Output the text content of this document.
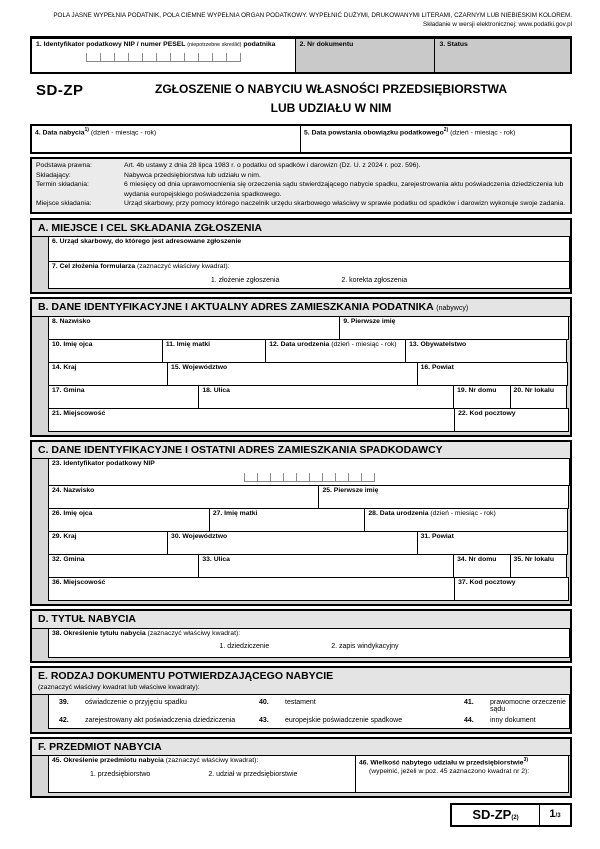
POLA JASNE WYPEŁNIA PODATNIK, POLA CIEMNE WYPEŁNIA ORGAN PODATKOWY. WYPEŁNIĆ DUŻYMI, DRUKOWANYMI LITERAMI, CZARNYM LUB NIEBIESKIM KOLOREM.
Składanie w wersji elektronicznej: www.podatki.gov.pl
1. Identyfikator podatkowy NIP / numer PESEL (niepotrzebne skreślić) podatnika	2. Nr dokumentu	3. Status
SD-ZP	ZGŁOSZENIE O NABYCIU WŁASNOŚCI PRZEDSIĘBIORSTWA
LUB UDZIAŁU W NIM
4. Data nabycia$^{1)}$ (dzień - miesiąc - rok)	5. Data powstania obowiązku podatkowego$^{2)}$ (dzień - miesiąc - rok)
Podstawa prawna:	Art. 4b ustawy z dnia 28 lipca 1983 r. o podatku od spadków i darowizn (Dz. U. z 2024 r. poz. 596).
Składający:	Nabywca przedsiębiorstwa lub udziału w nim.
Termin składania:	6 miesięcy od dnia uprawomocnienia się orzeczenia sądu stwierdzającego nabycie spadku, zarejestrowania aktu poświadczenia dziedziczenia lub wydania europejskiego poświadczenia spadkowego.
Miejsce składania:	Urząd skarbowy, przy pomocy którego naczelnik urzędu skarbowego właściwy w sprawie podatku od spadków i darowizn wykonuje swoje zadania.
A. MIEJSCE I CEL SKŁADANIA ZGŁOSZENIA
6. Urząd skarbowy, do którego jest adresowane zgłoszenie
7. Cel złożenia formularza (zaznaczyć właściwy kwadrat):
1. złożenie zgłoszenia	2. korekta zgłoszenia
B. DANE IDENTYFIKACYJNE I AKTUALNY ADRES ZAMIESZKANIA PODATNIKA (nabywcy)
8. Nazwisko	9. Pierwsze imię
10. Imię ojca	11. Imię matki	12. Data urodzenia (dzień - miesiąc - rok)	13. Obywatelstwo
14. Kraj	15. Województwo	16. Powiat
17. Gmina	18. Ulica	19. Nr domu	20. Nr lokalu
21. Miejscowość	22. Kod pocztowy
C. DANE IDENTYFIKACYJNE I OSTATNI ADRES ZAMIESZKANIA SPADKODAWCY
23. Identyfikator podatkowy NIP
24. Nazwisko	25. Pierwsze imię
26. Imię ojca	27. Imię matki	28. Data urodzenia (dzień - miesiąc - rok)
29. Kraj	30. Województwo	31. Powiat
32. Gmina	33. Ulica	34. Nr domu	35. Nr lokalu
36. Miejscowość	37. Kod pocztowy
D. TYTUŁ NABYCIA
38. Określenie tytułu nabycia (zaznaczyć właściwy kwadrat):
1. dziedziczenie	2. zapis windykacyjny
E. RODZAJ DOKUMENTU POTWIERDZAJĄCEGO NABYCIE
(zaznaczyć właściwy kwadrat lub właściwe kwadraty):
39.	oświadczenie o przyjęciu spadku	40.	testament	41.	prawomocne orzeczenie sądu
42.	zarejestrowany akt poświadczenia dziedziczenia	43.	europejskie poświadczenie spadkowe	44.	inny dokument
F. PRZEDMIOT NABYCIA
45. Określenie przedmiotu nabycia (zaznaczyć właściwy kwadrat):
1. przedsiębiorstwo	2. udział w przedsiębiorstwie
46. Wielkość nabytego udziału w przedsiębiorstwie$^{3)}$
(wypełnić, jeżeli w poz. 45 zaznaczono kwadrat nr 2):
SD-ZP(2)	1/3
